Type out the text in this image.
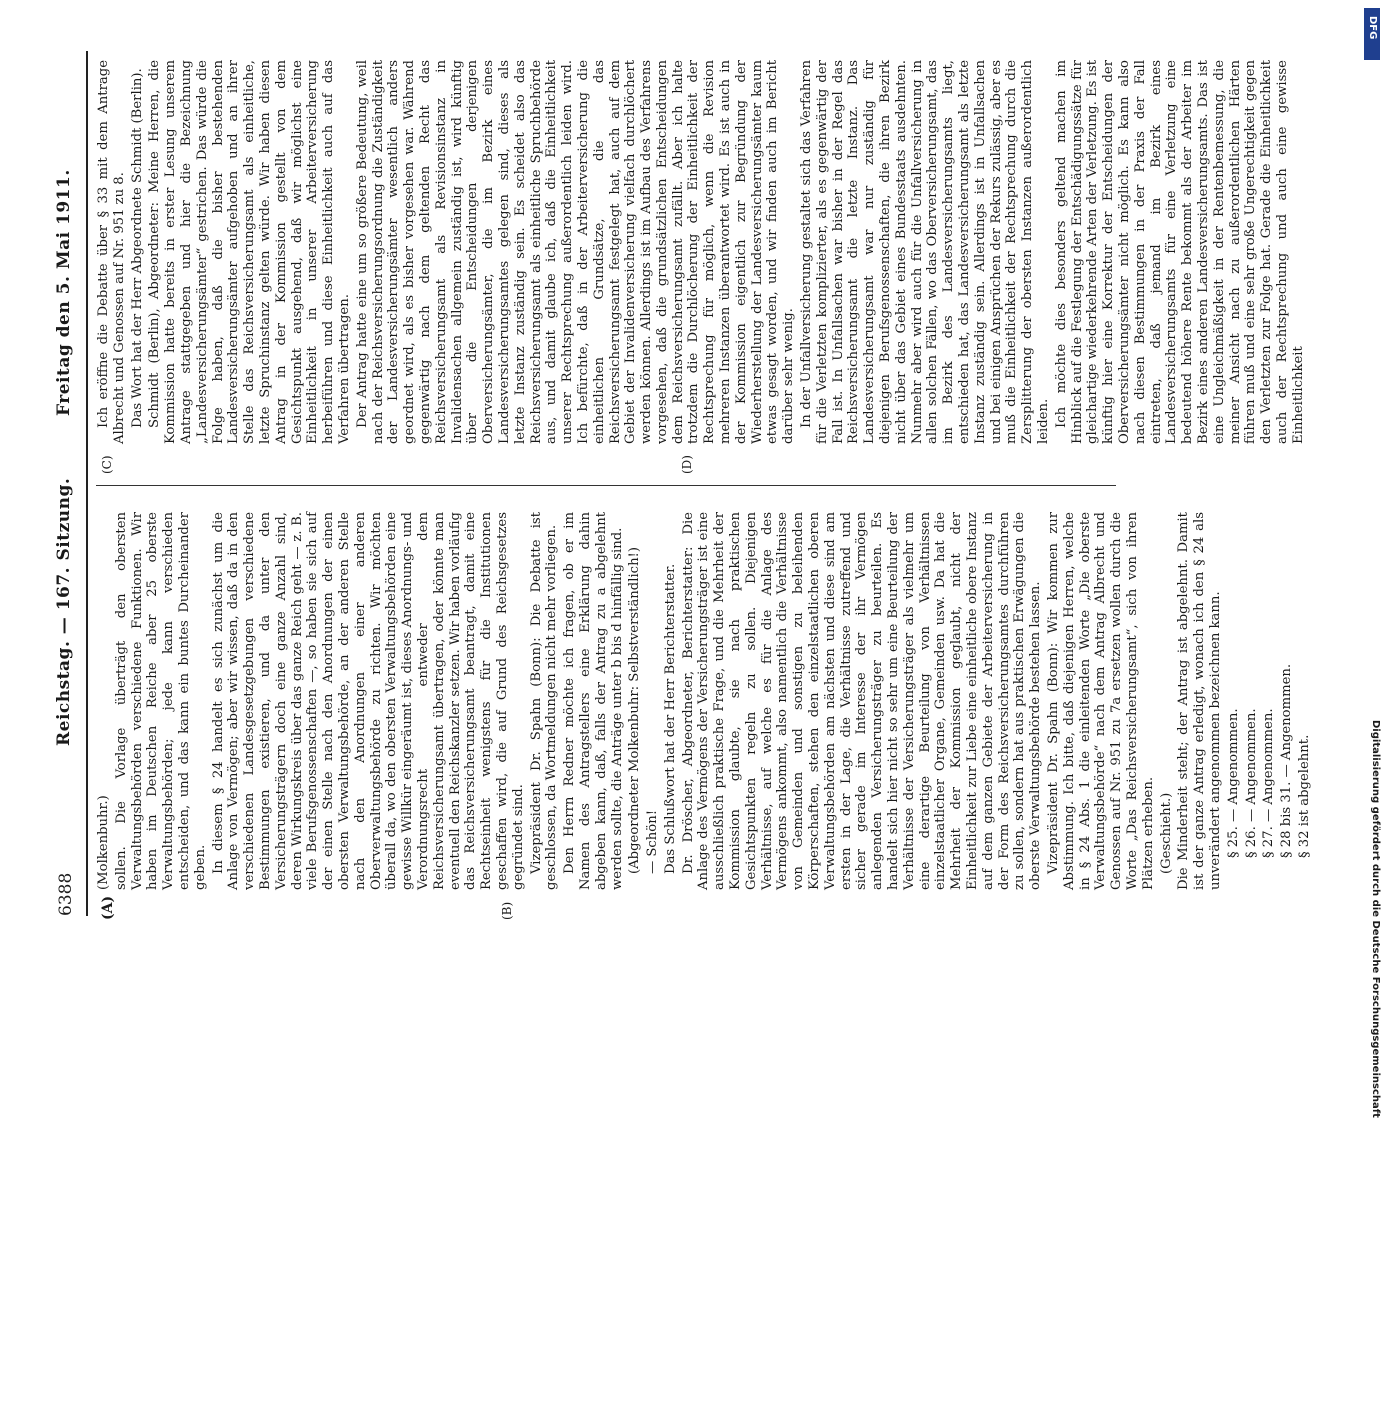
6388
Reichstag. — 167. Sitzung.
Freitag den 5. Mai 1911.
(A)	(B)
(C)	(D)

(Molkenbuhr.) sollen. Die Vorlage überträgt den obersten Verwaltungsbehörden verschiedene Funktionen. Wir haben im Deutschen Reiche aber 25 oberste Verwaltungsbehörden; jede kann verschieden entscheiden, und das kann ein buntes Durcheinander geben. In diesem § 24 handelt es sich zunächst um die Anlage von Vermögen; aber wir wissen, daß da in den verschiedenen Landesgesetzgebungen verschiedene Bestimmungen existieren, und da unter den Versicherungsträgern doch eine ganze Anzahl sind, deren Wirkungskreis über das ganze Reich geht — z. B. viele Berufsgenossenschaften —, so haben sie sich auf der einen Stelle nach den Anordnungen der einen obersten Verwaltungsbehörde, an der anderen Stelle nach den Anordnungen einer anderen Oberverwaltungsbehörde zu richten. Wir möchten überall da, wo den obersten Verwaltungsbehörden eine gewisse Willkür eingeräumt ist, dieses Anordnungs- und Verordnungsrecht entweder dem Reichsversicherungsamt übertragen, oder könnte man eventuell den Reichskanzler setzen. Wir haben vorläufig das Reichsversicherungsamt beantragt, damit eine Rechtseinheit wenigstens für die Institutionen geschaffen wird, die auf Grund des Reichsgesetzes gegründet sind. Vizepräsident Dr. Spahn (Bonn): Die Debatte ist geschlossen, da Wortmeldungen nicht mehr vorliegen. Den Herrn Redner möchte ich fragen, ob er im Namen des Antragstellers eine Erklärung dahin abgeben kann, daß, falls der Antrag zu a abgelehnt werden sollte, die Anträge unter b bis d hinfällig sind. (Abgeordneter Molkenbuhr: Selbstverständlich!) — Schön! Das Schlußwort hat der Herr Berichterstatter. Dr. Dröscher, Abgeordneter, Berichterstatter: Die Anlage des Vermögens der Versicherungsträger ist eine ausschließlich praktische Frage, und die Mehrheit der Kommission glaubte, sie nach praktischen Gesichtspunkten regeln zu sollen. Diejenigen Verhältnisse, auf welche es für die Anlage des Vermögens ankommt, also namentlich die Verhältnisse von Gemeinden und sonstigen zu beleihenden Körperschaften, stehen den einzelstaatlichen oberen Verwaltungsbehörden am nächsten und diese sind am ersten in der Lage, die Verhältnisse zutreffend und sicher gerade im Interesse der ihr Vermögen anlegenden Versicherungsträger zu beurteilen. Es handelt sich hier nicht so sehr um eine Beurteilung der Verhältnisse der Versicherungsträger als vielmehr um eine derartige Beurteilung von Verhältnissen einzelstaatlicher Organe, Gemeinden usw. Da hat die Mehrheit der Kommission geglaubt, nicht der Einheitlichkeit zur Liebe eine einheitliche obere Instanz auf dem ganzen Gebiete der Arbeiterversicherung in der Form des Reichsversicherungsamtes durchführen zu sollen, sondern hat aus praktischen Erwägungen die oberste Verwaltungsbehörde bestehen lassen. Vizepräsident Dr. Spahn (Bonn): Wir kommen zur Abstimmung. Ich bitte, daß diejenigen Herren, welche in § 24 Abs. 1 die einleitenden Worte „Die oberste Verwaltungsbehörde“ nach dem Antrag Albrecht und Genossen auf Nr. 951 zu 7a ersetzen wollen durch die Worte „Das Reichsversicherungsamt“, sich von ihren Plätzen erheben. (Geschieht.) Die Minderheit steht; der Antrag ist abgelehnt. Damit ist der ganze Antrag erledigt, wonach ich den § 24 als unverändert angenommen bezeichnen kann. § 25. — Angenommen. § 26. — Angenommen. § 27. — Angenommen. § 28 bis 31. — Angenommen. § 32 ist abgelehnt.

Ich eröffne die Debatte über § 33 mit dem Antrage Albrecht und Genossen auf Nr. 951 zu 8. Das Wort hat der Herr Abgeordnete Schmidt (Berlin). Schmidt (Berlin), Abgeordneter: Meine Herren, die Kommission hatte bereits in erster Lesung unserem Antrage stattgegeben und hier die Bezeichnung „Landesversicherungsämter“ gestrichen. Das würde die Folge haben, daß die bisher bestehenden Landesversicherungsämter aufgehoben und an ihrer Stelle das Reichsversicherungsamt als einheitliche, letzte Spruchinstanz gelten würde. Wir haben diesen Antrag in der Kommission gestellt von dem Gesichtspunkt ausgehend, daß wir möglichst eine Einheitlichkeit in unserer Arbeiterversicherung herbeiführen und diese Einheitlichkeit auch auf das Verfahren übertragen. Der Antrag hatte eine um so größere Bedeutung, weil nach der Reichsversicherungsordnung die Zuständigkeit der Landesversicherungsämter wesentlich anders geordnet wird, als es bisher vorgesehen war. Während gegenwärtig nach dem geltenden Recht das Reichsversicherungsamt als Revisionsinstanz in Invalidensachen allgemein zuständig ist, wird künftig über die Entscheidungen derjenigen Oberversicherungsämter, die im Bezirk eines Landesversicherungsamtes gelegen sind, dieses als letzte Instanz zuständig sein. Es scheidet also das Reichsversicherungsamt als einheitliche Spruchbehörde aus, und damit glaube ich, daß die Einheitlichkeit unserer Rechtsprechung außerordentlich leiden wird. Ich befürchte, daß in der Arbeiterversicherung die einheitlichen Grundsätze, die das Reichsversicherungsamt festgelegt hat, auch auf dem Gebiet der Invalidenversicherung vielfach durchlöchert werden können. Allerdings ist im Aufbau des Verfahrens vorgesehen, daß die grundsätzlichen Entscheidungen dem Reichsversicherungsamt zufällt. Aber ich halte trotzdem die Durchlöcherung der Einheitlichkeit der Rechtsprechung für möglich, wenn die Revision mehreren Instanzen überantwortet wird. Es ist auch in der Kommission eigentlich zur Begründung der Wiederherstellung der Landesversicherungsämter kaum etwas gesagt worden, und wir finden auch im Bericht darüber sehr wenig. In der Unfallversicherung gestaltet sich das Verfahren für die Verletzten komplizierter, als es gegenwärtig der Fall ist. In Unfallsachen war bisher in der Regel das Reichsversicherungsamt die letzte Instanz. Das Landesversicherungsamt war nur zuständig für diejenigen Berufsgenossenschaften, die ihren Bezirk nicht über das Gebiet eines Bundesstaats ausdehnten. Nunmehr aber wird auch für die Unfallversicherung in allen solchen Fällen, wo das Oberversicherungsamt, das im Bezirk des Landesversicherungsamts liegt, entschieden hat, das Landesversicherungsamt als letzte Instanz zuständig sein. Allerdings ist in Unfallsachen und bei einigen Ansprüchen der Rekurs zulässig, aber es muß die Einheitlichkeit der Rechtsprechung durch die Zersplitterung der obersten Instanzen außerordentlich leiden. Ich möchte dies besonders geltend machen im Hinblick auf die Festlegung der Entschädigungssätze für gleichartige wiederkehrende Arten der Verletzung. Es ist künftig hier eine Korrektur der Entscheidungen der Oberversicherungsämter nicht möglich. Es kann also nach diesen Bestimmungen in der Praxis der Fall eintreten, daß jemand im Bezirk eines Landesversicherungsamts für eine Verletzung eine bedeutend höhere Rente bekommt als der Arbeiter im Bezirk eines anderen Landesversicherungsamts. Das ist eine Ungleichmäßigkeit in der Rentenbemessung, die meiner Ansicht nach zu außerordentlichen Härten führen muß und eine sehr große Ungerechtigkeit gegen den Verletzten zur Folge hat. Gerade die Einheitlichkeit auch der Rechtsprechung und auch eine gewisse Einheitlichkeit

DFG
Digitalisierung gefördert durch die Deutsche Forschungsgemeinschaft
